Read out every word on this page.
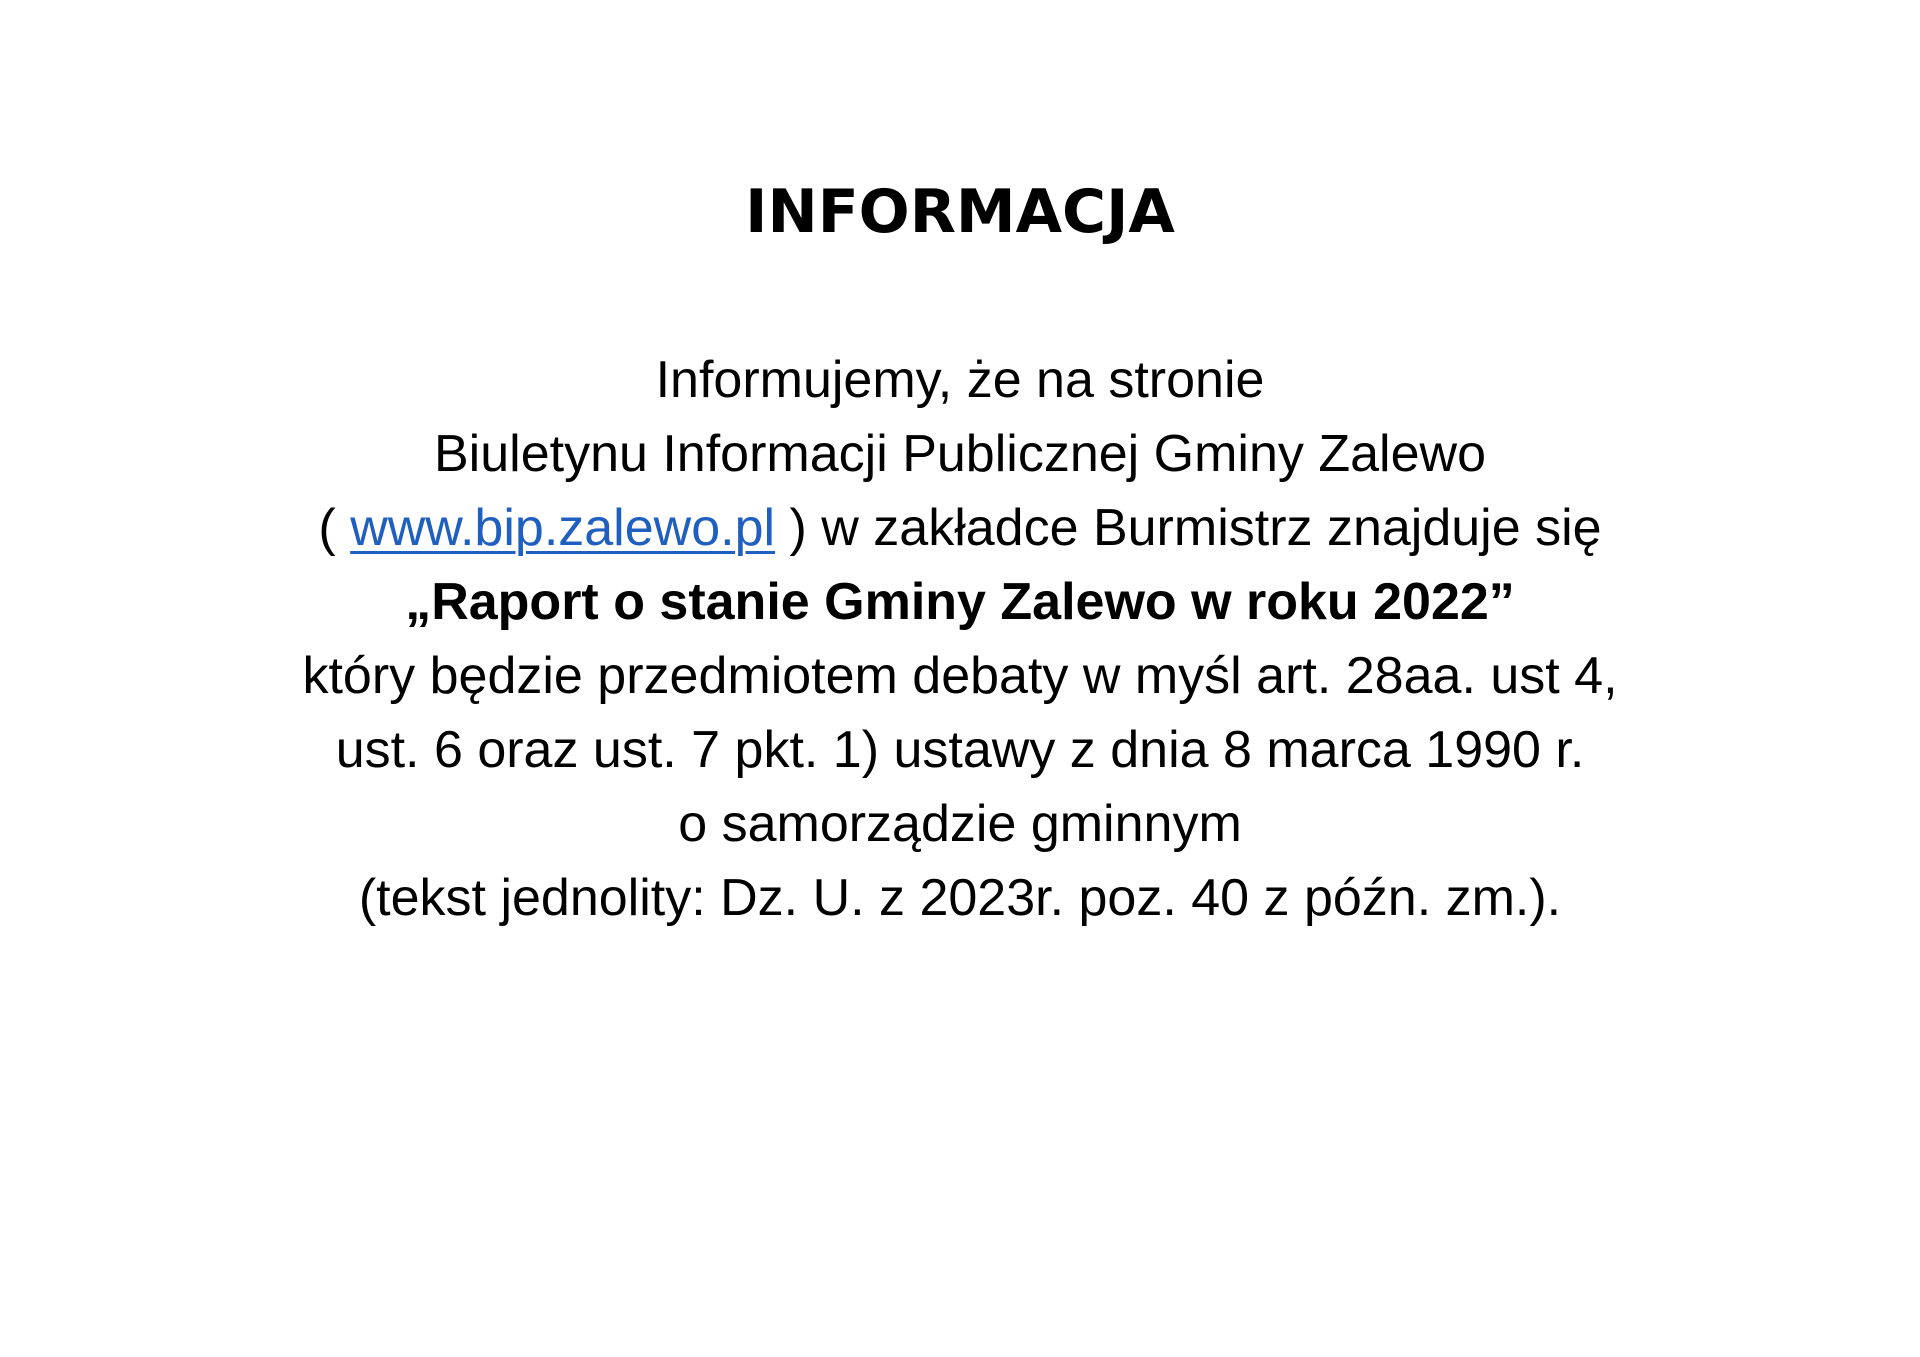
INFORMACJA
Informujemy, że na stronie
Biuletynu Informacji Publicznej Gminy Zalewo
( www.bip.zalewo.pl ) w zakładce Burmistrz znajduje się
„Raport o stanie Gminy Zalewo w roku 2022”
który będzie przedmiotem debaty w myśl art. 28aa. ust 4,
ust. 6 oraz ust. 7 pkt. 1) ustawy z dnia 8 marca 1990 r.
o samorządzie gminnym
(tekst jednolity: Dz. U. z 2023r. poz. 40 z późn. zm.).
